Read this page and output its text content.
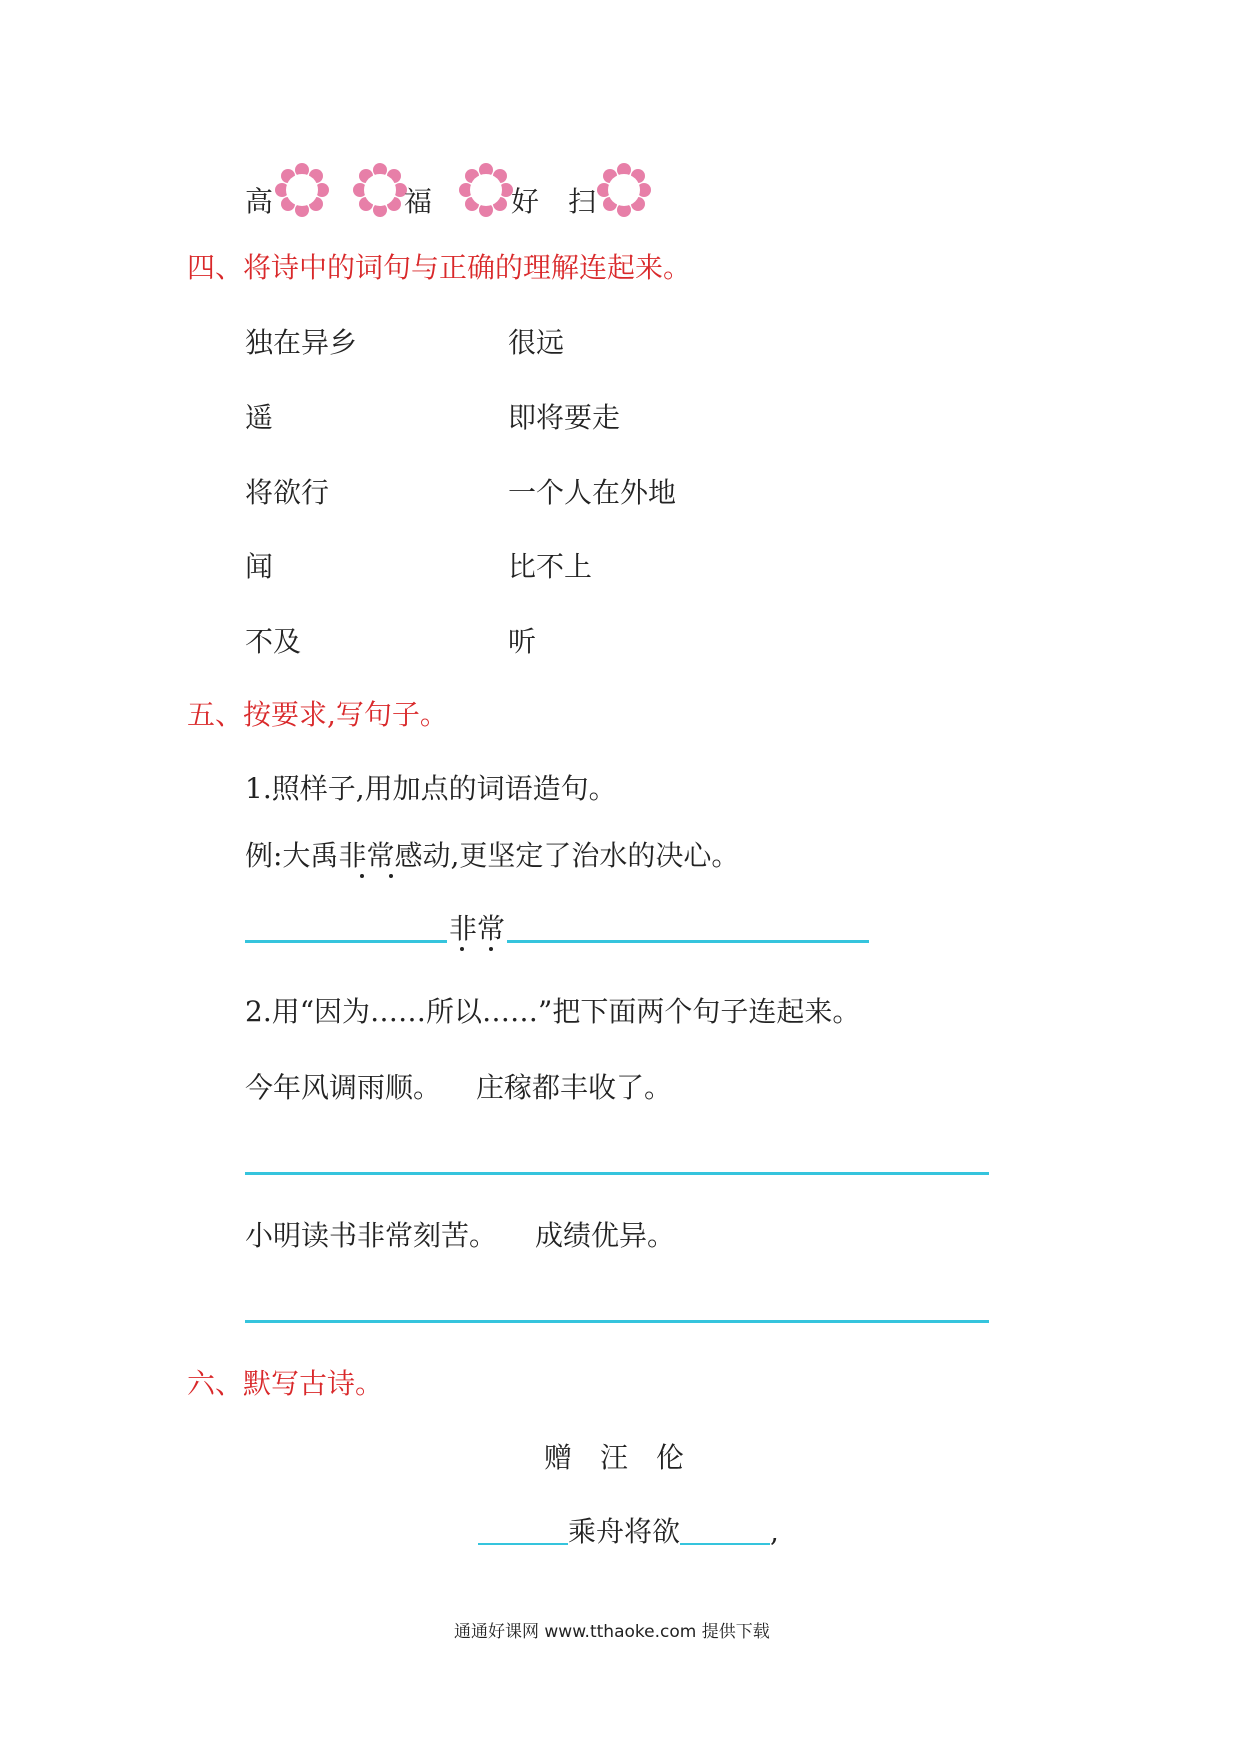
高	福	好 扫
四、将诗中的词句与正确的理解连起来。
独在异乡	很远
遥	即将要走
将欲行	一个人在外地
闻	比不上
不及	听
五、按要求,写句子。
1.照样子,用加点的词语造句。
例:大禹非常感动,更坚定了治水的决心。
非常
2.用“因为……所以……”把下面两个句子连起来。
今年风调雨顺。 庄稼都丰收了。
小明读书非常刻苦。 成绩优异。
六、默写古诗。
赠　汪　伦
乘舟将欲	,
通通好课网 www.tthaoke.com 提供下载
